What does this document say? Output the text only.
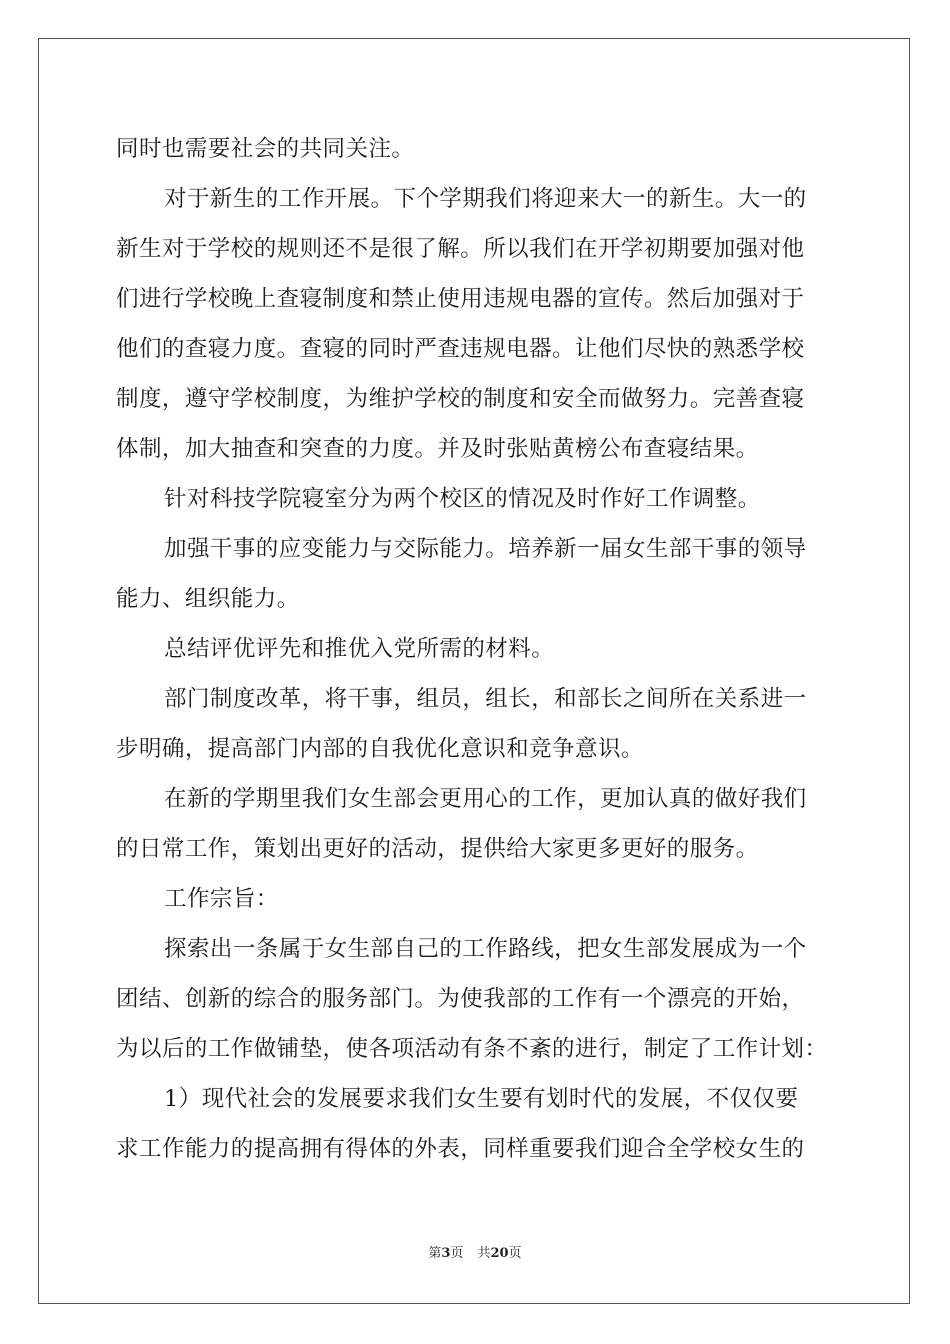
同时也需要社会的共同关注。
对于新生的工作开展。下个学期我们将迎来大一的新生。大一的
新生对于学校的规则还不是很了解。所以我们在开学初期要加强对他
们进行学校晚上查寝制度和禁止使用违规电器的宣传。然后加强对于
他们的查寝力度。查寝的同时严查违规电器。让他们尽快的熟悉学校
制度，遵守学校制度，为维护学校的制度和安全而做努力。完善查寝
体制，加大抽查和突查的力度。并及时张贴黄榜公布查寝结果。
针对科技学院寝室分为两个校区的情况及时作好工作调整。
加强干事的应变能力与交际能力。培养新一届女生部干事的领导
能力、组织能力。
总结评优评先和推优入党所需的材料。
部门制度改革，将干事，组员，组长，和部长之间所在关系进一
步明确，提高部门内部的自我优化意识和竞争意识。
在新的学期里我们女生部会更用心的工作，更加认真的做好我们
的日常工作，策划出更好的活动，提供给大家更多更好的服务。
工作宗旨：
探索出一条属于女生部自己的工作路线，把女生部发展成为一个
团结、创新的综合的服务部门。为使我部的工作有一个漂亮的开始，
为以后的工作做铺垫，使各项活动有条不紊的进行，制定了工作计划：
1）现代社会的发展要求我们女生要有划时代的发展，不仅仅要
求工作能力的提高拥有得体的外表，同样重要我们迎合全学校女生的
第3页 共20页
